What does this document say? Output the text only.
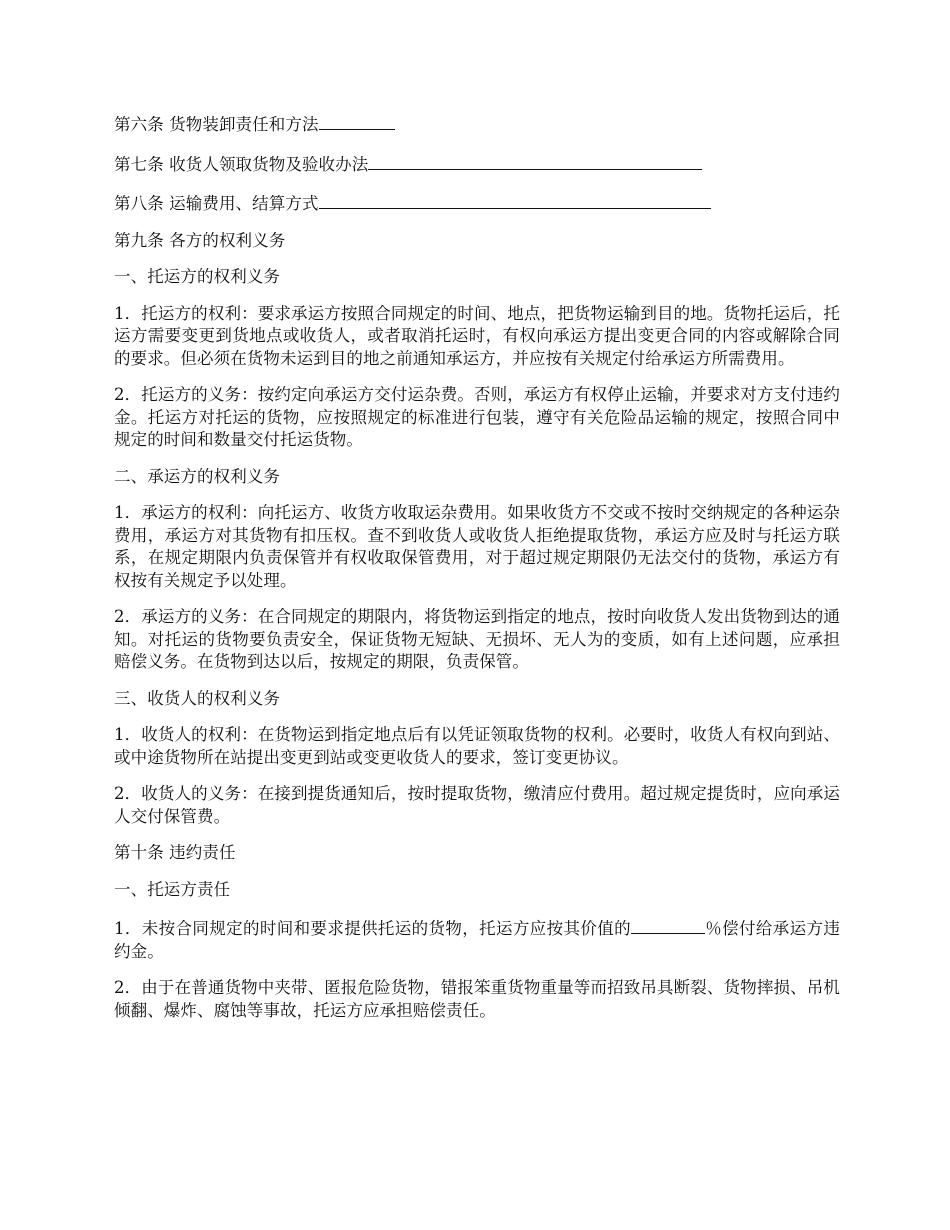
第六条 货物装卸责任和方法

第七条 收货人领取货物及验收办法

第八条 运输费用、结算方式

第九条 各方的权利义务

一、托运方的权利义务

1．托运方的权利：要求承运方按照合同规定的时间、地点，把货物运输到目的地。货物托运后，托运方需要变更到货地点或收货人，或者取消托运时，有权向承运方提出变更合同的内容或解除合同的要求。但必须在货物未运到目的地之前通知承运方，并应按有关规定付给承运方所需费用。

2．托运方的义务：按约定向承运方交付运杂费。否则，承运方有权停止运输，并要求对方支付违约金。托运方对托运的货物，应按照规定的标准进行包装，遵守有关危险品运输的规定，按照合同中规定的时间和数量交付托运货物。

二、承运方的权利义务

1．承运方的权利：向托运方、收货方收取运杂费用。如果收货方不交或不按时交纳规定的各种运杂费用，承运方对其货物有扣压权。查不到收货人或收货人拒绝提取货物，承运方应及时与托运方联系，在规定期限内负责保管并有权收取保管费用，对于超过规定期限仍无法交付的货物，承运方有权按有关规定予以处理。

2．承运方的义务：在合同规定的期限内，将货物运到指定的地点，按时向收货人发出货物到达的通知。对托运的货物要负责安全，保证货物无短缺、无损坏、无人为的变质，如有上述问题，应承担赔偿义务。在货物到达以后，按规定的期限，负责保管。

三、收货人的权利义务

1．收货人的权利：在货物运到指定地点后有以凭证领取货物的权利。必要时，收货人有权向到站、或中途货物所在站提出变更到站或变更收货人的要求，签订变更协议。

2．收货人的义务：在接到提货通知后，按时提取货物，缴清应付费用。超过规定提货时，应向承运人交付保管费。

第十条 违约责任

一、托运方责任

1．未按合同规定的时间和要求提供托运的货物，托运方应按其价值的	％偿付给承运方违约金。

2．由于在普通货物中夹带、匿报危险货物，错报笨重货物重量等而招致吊具断裂、货物摔损、吊机倾翻、爆炸、腐蚀等事故，托运方应承担赔偿责任。
